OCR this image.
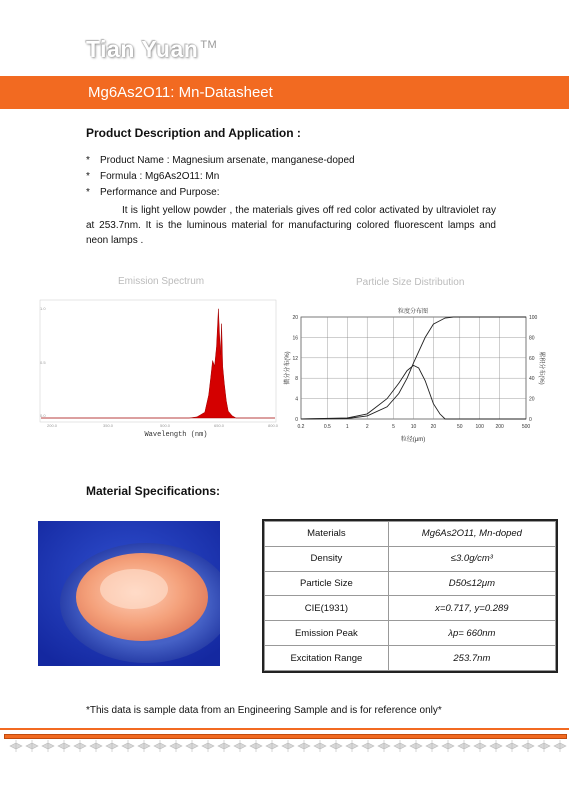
Tian Yuan ™
Mg6As2O11: Mn-Datasheet
Product Description and Application :
*	Product Name : Magnesium arsenate, manganese-doped
*	Formula : Mg6As2O11: Mn
*	Performance and Purpose:
It is light yellow powder , the materials gives off red color activated by ultraviolet ray at 253.7nm. It is the luminous material for manufacturing colored fluorescent lamps and neon lamps .
Emission Spectrum	Particle Size Distribution
1.0
0.5
0.0
200.0	350.0	500.0	650.0	800.0
Wavelength (nm)
粒度分布图
0.2	0.5	1	2	5	10	20	50	100 200	500
0
4
8
12
16
20
0
20
40
60
80
100
粒径(μm)
微分分布(%)	累积分布(%)
Material Specifications:
Materials	Mg6As2O11, Mn-doped
Density	≤3.0g/cm³
Particle Size	D50≤12μm
CIE(1931)	x=0.717, y=0.289
Emission Peak	λp= 660nm
Excitation Range	253.7nm
*This data is sample data from an Engineering Sample and is for reference only*
